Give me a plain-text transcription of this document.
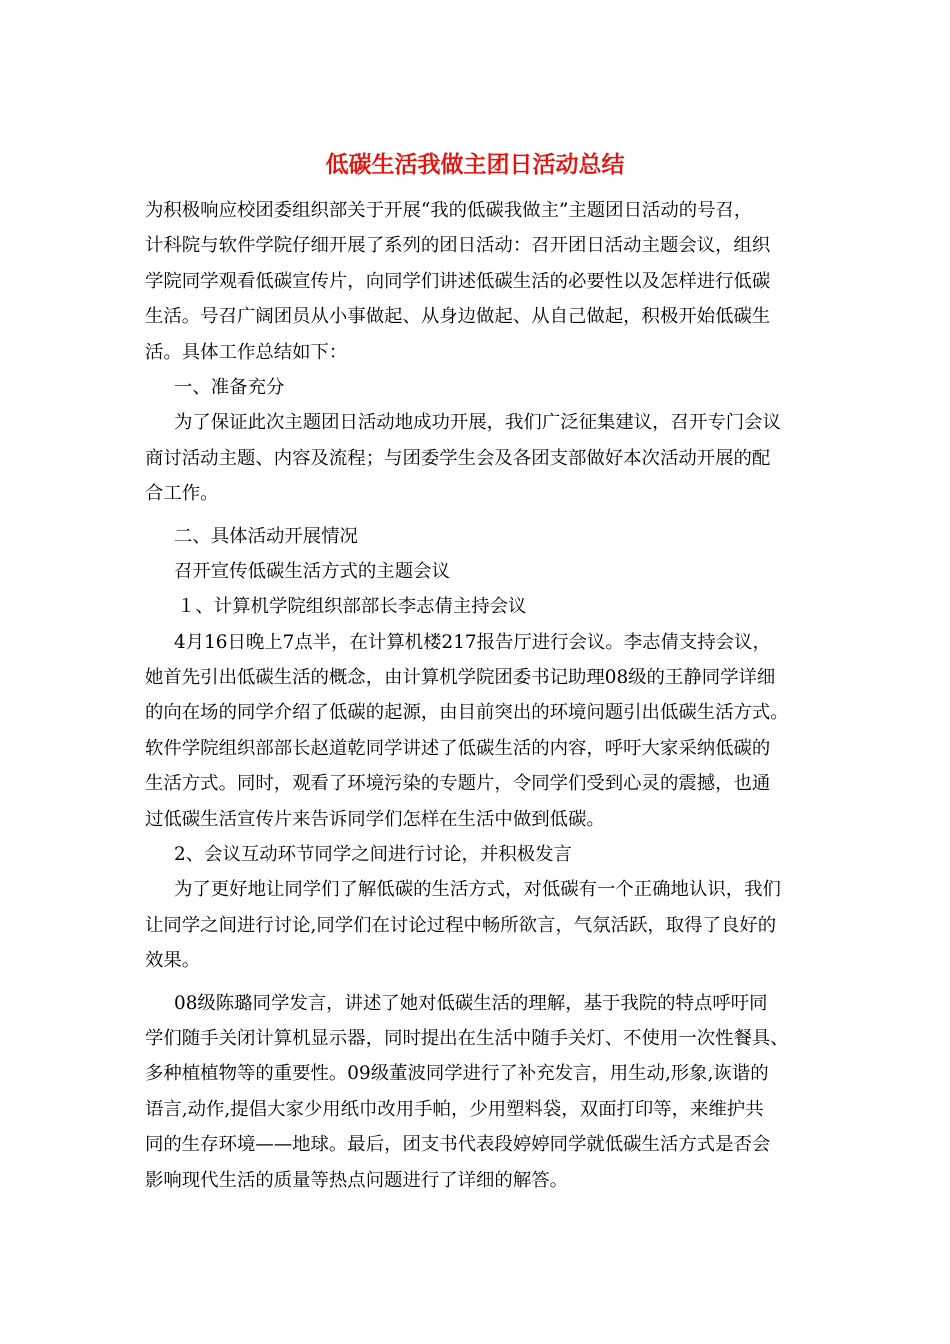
低碳生活我做主团日活动总结
为积极响应校团委组织部关于开展“我的低碳我做主”主题团日活动的号召，
计科院与软件学院仔细开展了系列的团日活动：召开团日活动主题会议，组织
学院同学观看低碳宣传片，向同学们讲述低碳生活的必要性以及怎样进行低碳
生活。号召广阔团员从小事做起、从身边做起、从自己做起，积极开始低碳生
活。具体工作总结如下：
一、准备充分
为了保证此次主题团日活动地成功开展，我们广泛征集建议，召开专门会议
商讨活动主题、内容及流程；与团委学生会及各团支部做好本次活动开展的配
合工作。
二、具体活动开展情况
召开宣传低碳生活方式的主题会议
１、计算机学院组织部部长李志倩主持会议
4月16日晚上7点半，在计算机楼217报告厅进行会议。李志倩支持会议，
她首先引出低碳生活的概念，由计算机学院团委书记助理08级的王静同学详细
的向在场的同学介绍了低碳的起源，由目前突出的环境问题引出低碳生活方式。
软件学院组织部部长赵道乾同学讲述了低碳生活的内容，呼吁大家采纳低碳的
生活方式。同时，观看了环境污染的专题片，令同学们受到心灵的震撼，也通
过低碳生活宣传片来告诉同学们怎样在生活中做到低碳。
2、会议互动环节同学之间进行讨论，并积极发言
为了更好地让同学们了解低碳的生活方式，对低碳有一个正确地认识，我们
让同学之间进行讨论,同学们在讨论过程中畅所欲言，气氛活跃，取得了良好的
效果。
08级陈璐同学发言，讲述了她对低碳生活的理解，基于我院的特点呼吁同
学们随手关闭计算机显示器，同时提出在生活中随手关灯、不使用一次性餐具、
多种植植物等的重要性。09级董波同学进行了补充发言，用生动,形象,诙谐的
语言,动作,提倡大家少用纸巾改用手帕，少用塑料袋，双面打印等，来维护共
同的生存环境——地球。最后，团支书代表段婷婷同学就低碳生活方式是否会
影响现代生活的质量等热点问题进行了详细的解答。
